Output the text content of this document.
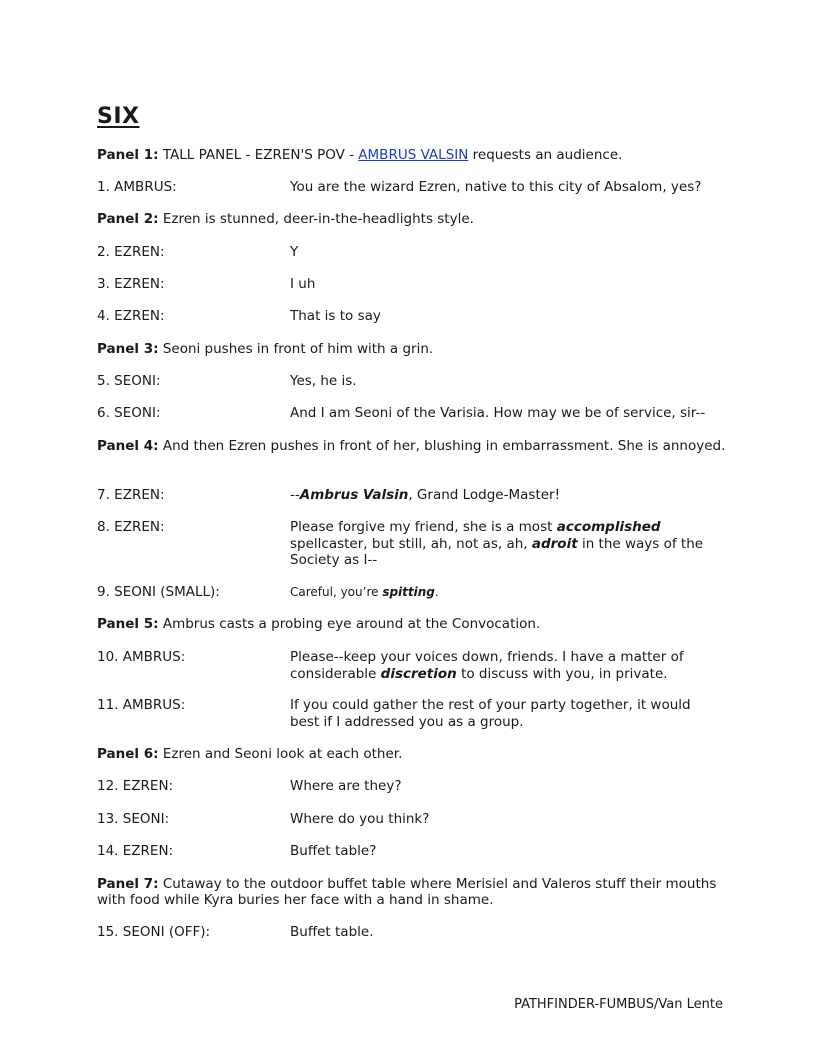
SIX
Panel 1: TALL PANEL - EZREN'S POV - AMBRUS VALSIN requests an audience.
1. AMBRUS:	You are the wizard Ezren, native to this city of Absalom, yes?
Panel 2: Ezren is stunned, deer-in-the-headlights style.
2. EZREN:	Y
3. EZREN:	I uh
4. EZREN:	That is to say
Panel 3: Seoni pushes in front of him with a grin.
5. SEONI:	Yes, he is.
6. SEONI:	And I am Seoni of the Varisia. How may we be of service, sir--
Panel 4: And then Ezren pushes in front of her, blushing in embarrassment. She is annoyed.
7. EZREN:	--Ambrus Valsin, Grand Lodge-Master!
8. EZREN:	Please forgive my friend, she is a most accomplished
spellcaster, but still, ah, not as, ah, adroit in the ways of the Society as I--
9. SEONI (SMALL):	Careful, you’re spitting.
Panel 5: Ambrus casts a probing eye around at the Convocation.
10. AMBRUS:	Please--keep your voices down, friends. I have a matter of considerable discretion to discuss with you, in private.
11. AMBRUS:	If you could gather the rest of your party together, it would best if I addressed you as a group.
Panel 6: Ezren and Seoni look at each other.
12. EZREN:	Where are they?
13. SEONI:	Where do you think?
14. EZREN:	Buffet table?
Panel 7: Cutaway to the outdoor buffet table where Merisiel and Valeros stuff their mouths with food while Kyra buries her face with a hand in shame.
15. SEONI (OFF):	Buffet table.
PATHFINDER-FUMBUS/Van Lente
